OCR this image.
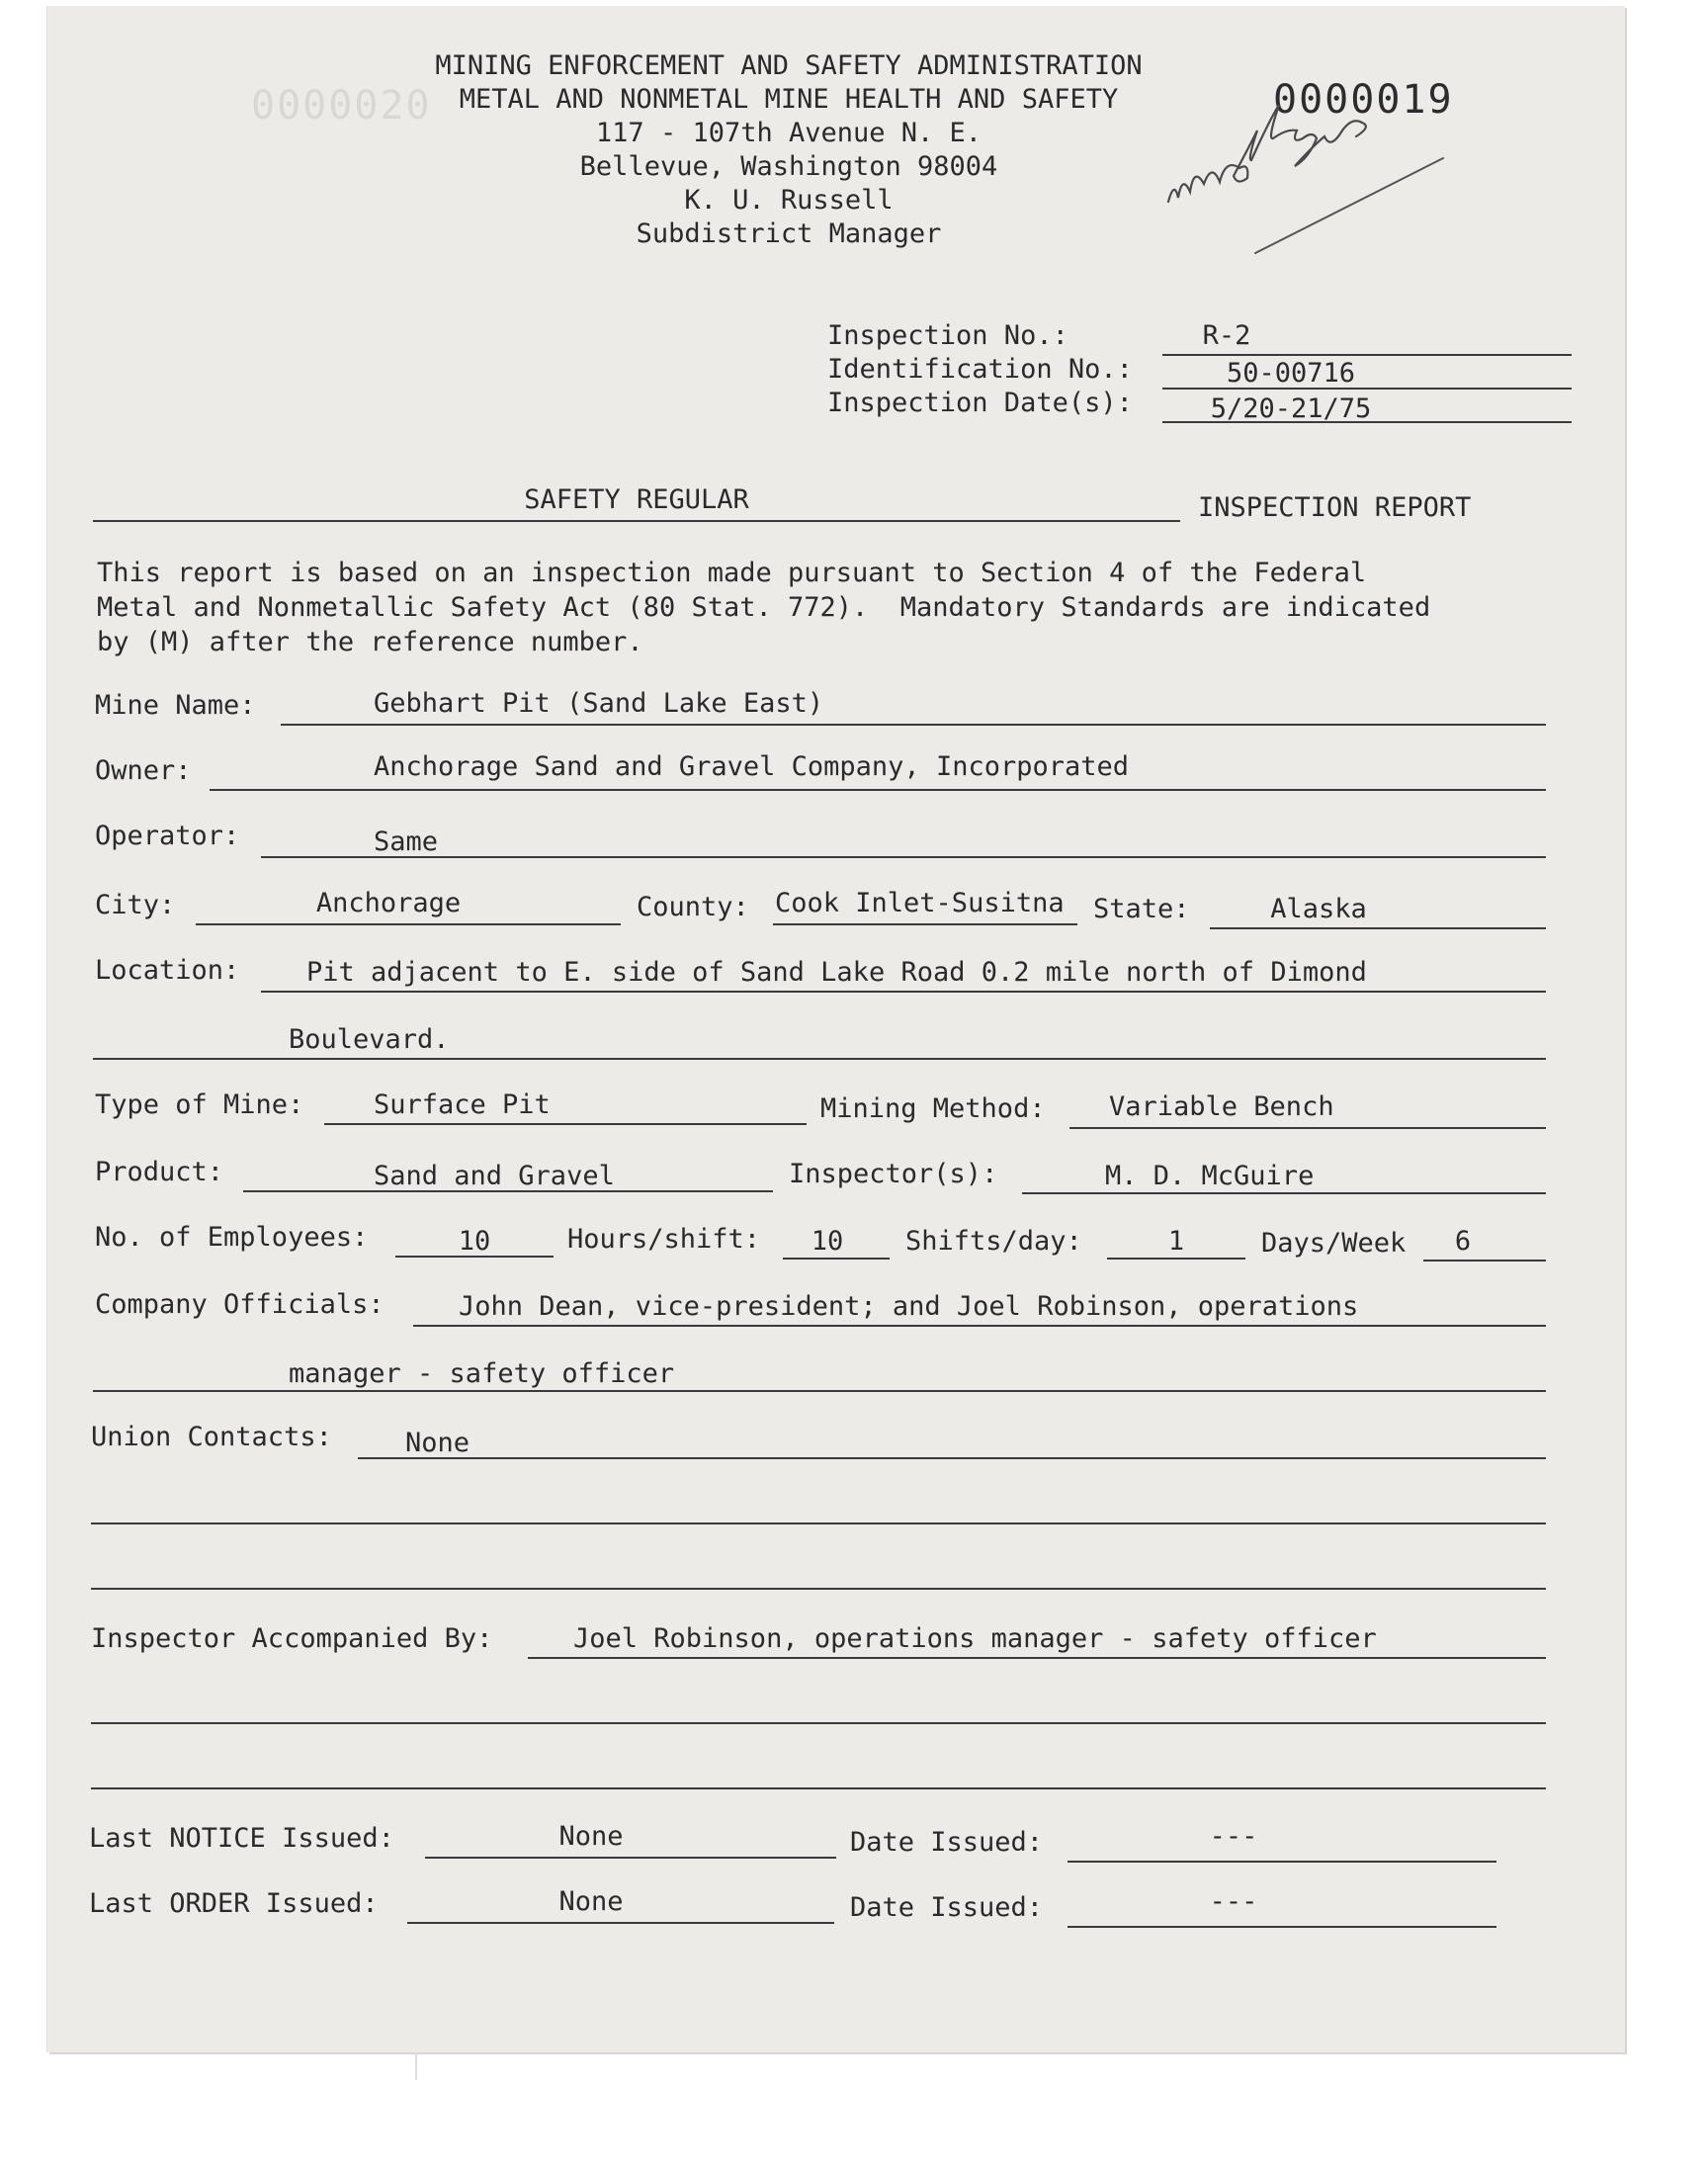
MINING ENFORCEMENT AND SAFETY ADMINISTRATION
METAL AND NONMETAL MINE HEALTH AND SAFETY
117 - 107th Avenue N. E.
Bellevue, Washington 98004
K. U. Russell
Subdistrict Manager
0000020	0000019
Inspection No.:	R-2
Identification No.:	50-00716
Inspection Date(s):	5/20-21/75
SAFETY REGULAR	INSPECTION REPORT
This report is based on an inspection made pursuant to Section 4 of the Federal
Metal and Nonmetallic Safety Act (80 Stat. 772).  Mandatory Standards are indicated
by (M) after the reference number.
Mine Name:	Gebhart Pit (Sand Lake East)
Owner:	Anchorage Sand and Gravel Company, Incorporated
Operator:	Same
City:	Anchorage	County: Cook Inlet-Susitna State:	Alaska
Location:	Pit adjacent to E. side of Sand Lake Road 0.2 mile north of Dimond
Boulevard.
Type of Mine:	Surface Pit	Mining Method: Variable Bench
Product:	Sand and Gravel	Inspector(s):	M. D. McGuire
No. of Employees:	10	Hours/shift:	10	Shifts/day:	1	Days/Week	6
Company Officials:	John Dean, vice-president; and Joel Robinson, operations
manager - safety officer
Union Contacts:	None
Inspector Accompanied By:	Joel Robinson, operations manager - safety officer
Last NOTICE Issued:	None	Date Issued:	---
Last ORDER Issued:	None	Date Issued:	---
